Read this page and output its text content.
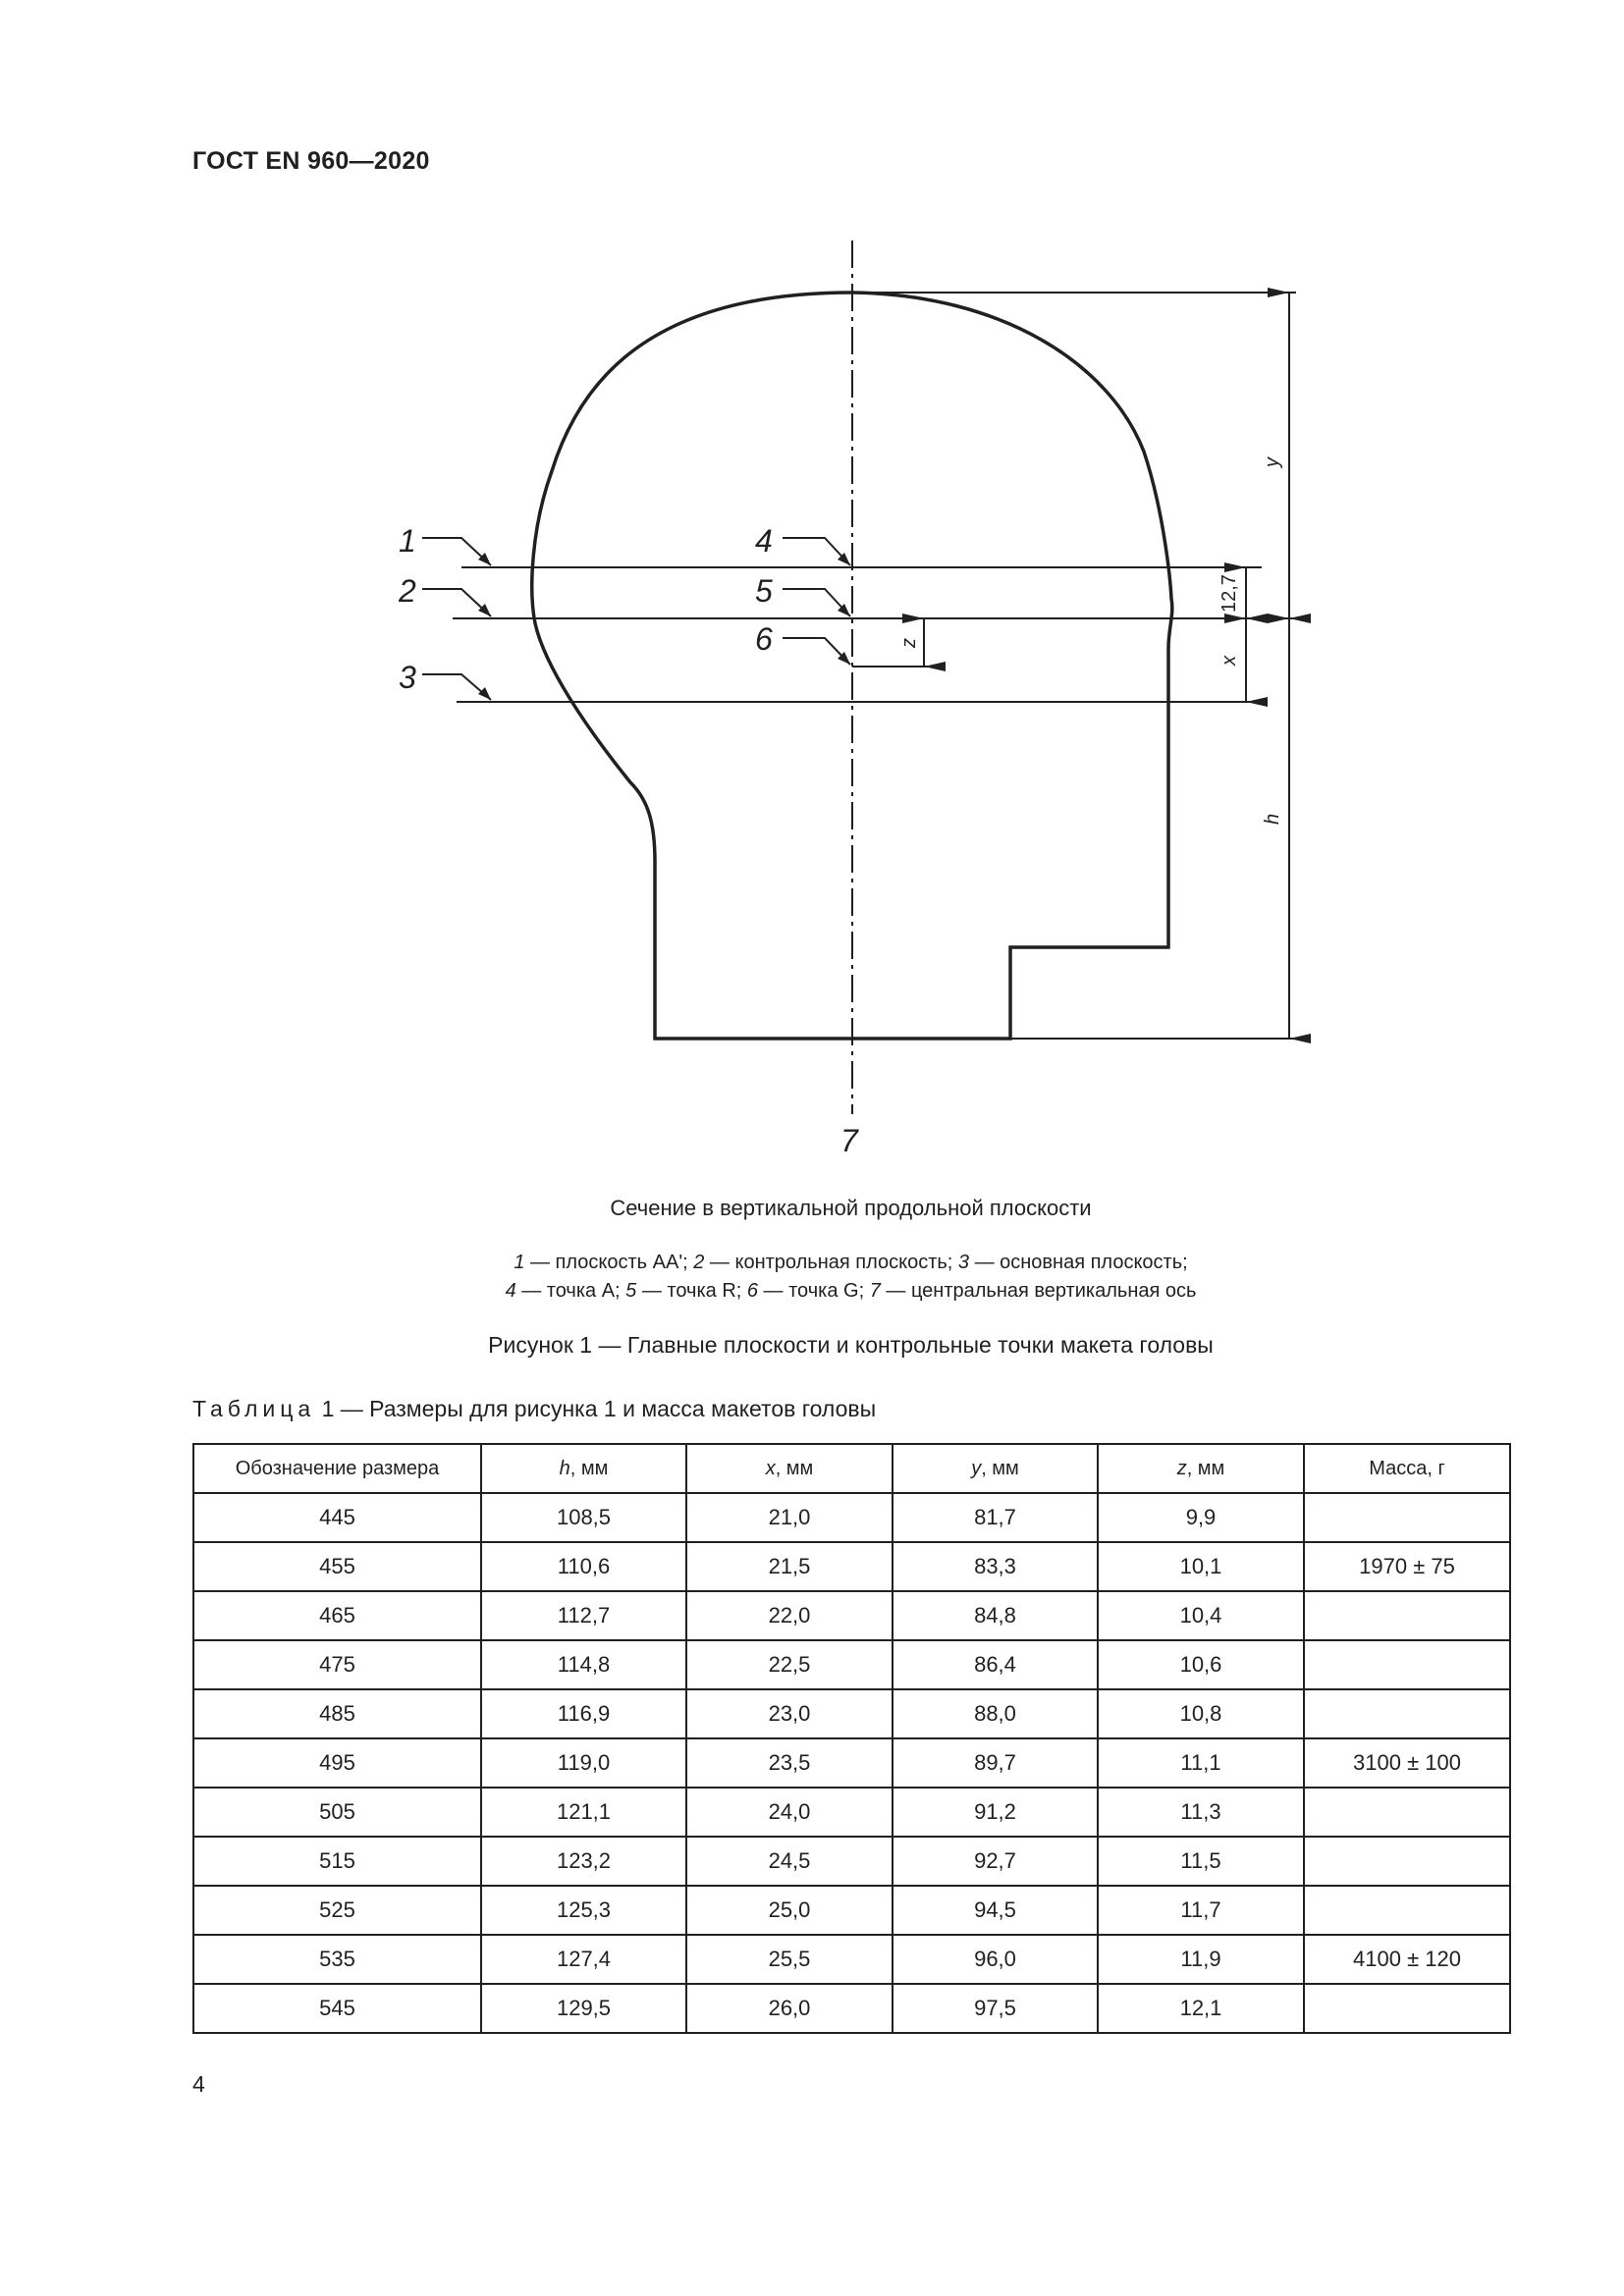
ГОСТ EN 960—2020
1
2
3
4
5
6
7
y
12,7
x
h
z
Сечение в вертикальной продольной плоскости
1 — плоскость AA'; 2 — контрольная плоскость; 3 — основная плоскость;
4 — точка A; 5 — точка R; 6 — точка G; 7 — центральная вертикальная ось
Рисунок 1 — Главные плоскости и контрольные точки макета головы
Таблица 1 — Размеры для рисунка 1 и масса макетов головы
Обозначение размера	h, мм	x, мм	y, мм	z, мм	Масса, г
445	108,5	21,0	81,7	9,9	
455	110,6	21,5	83,3	10,1	1970 ± 75
465	112,7	22,0	84,8	10,4	
475	114,8	22,5	86,4	10,6	
485	116,9	23,0	88,0	10,8	
495	119,0	23,5	89,7	11,1	3100 ± 100
505	121,1	24,0	91,2	11,3	
515	123,2	24,5	92,7	11,5	
525	125,3	25,0	94,5	11,7	
535	127,4	25,5	96,0	11,9	4100 ± 120
545	129,5	26,0	97,5	12,1	
4
